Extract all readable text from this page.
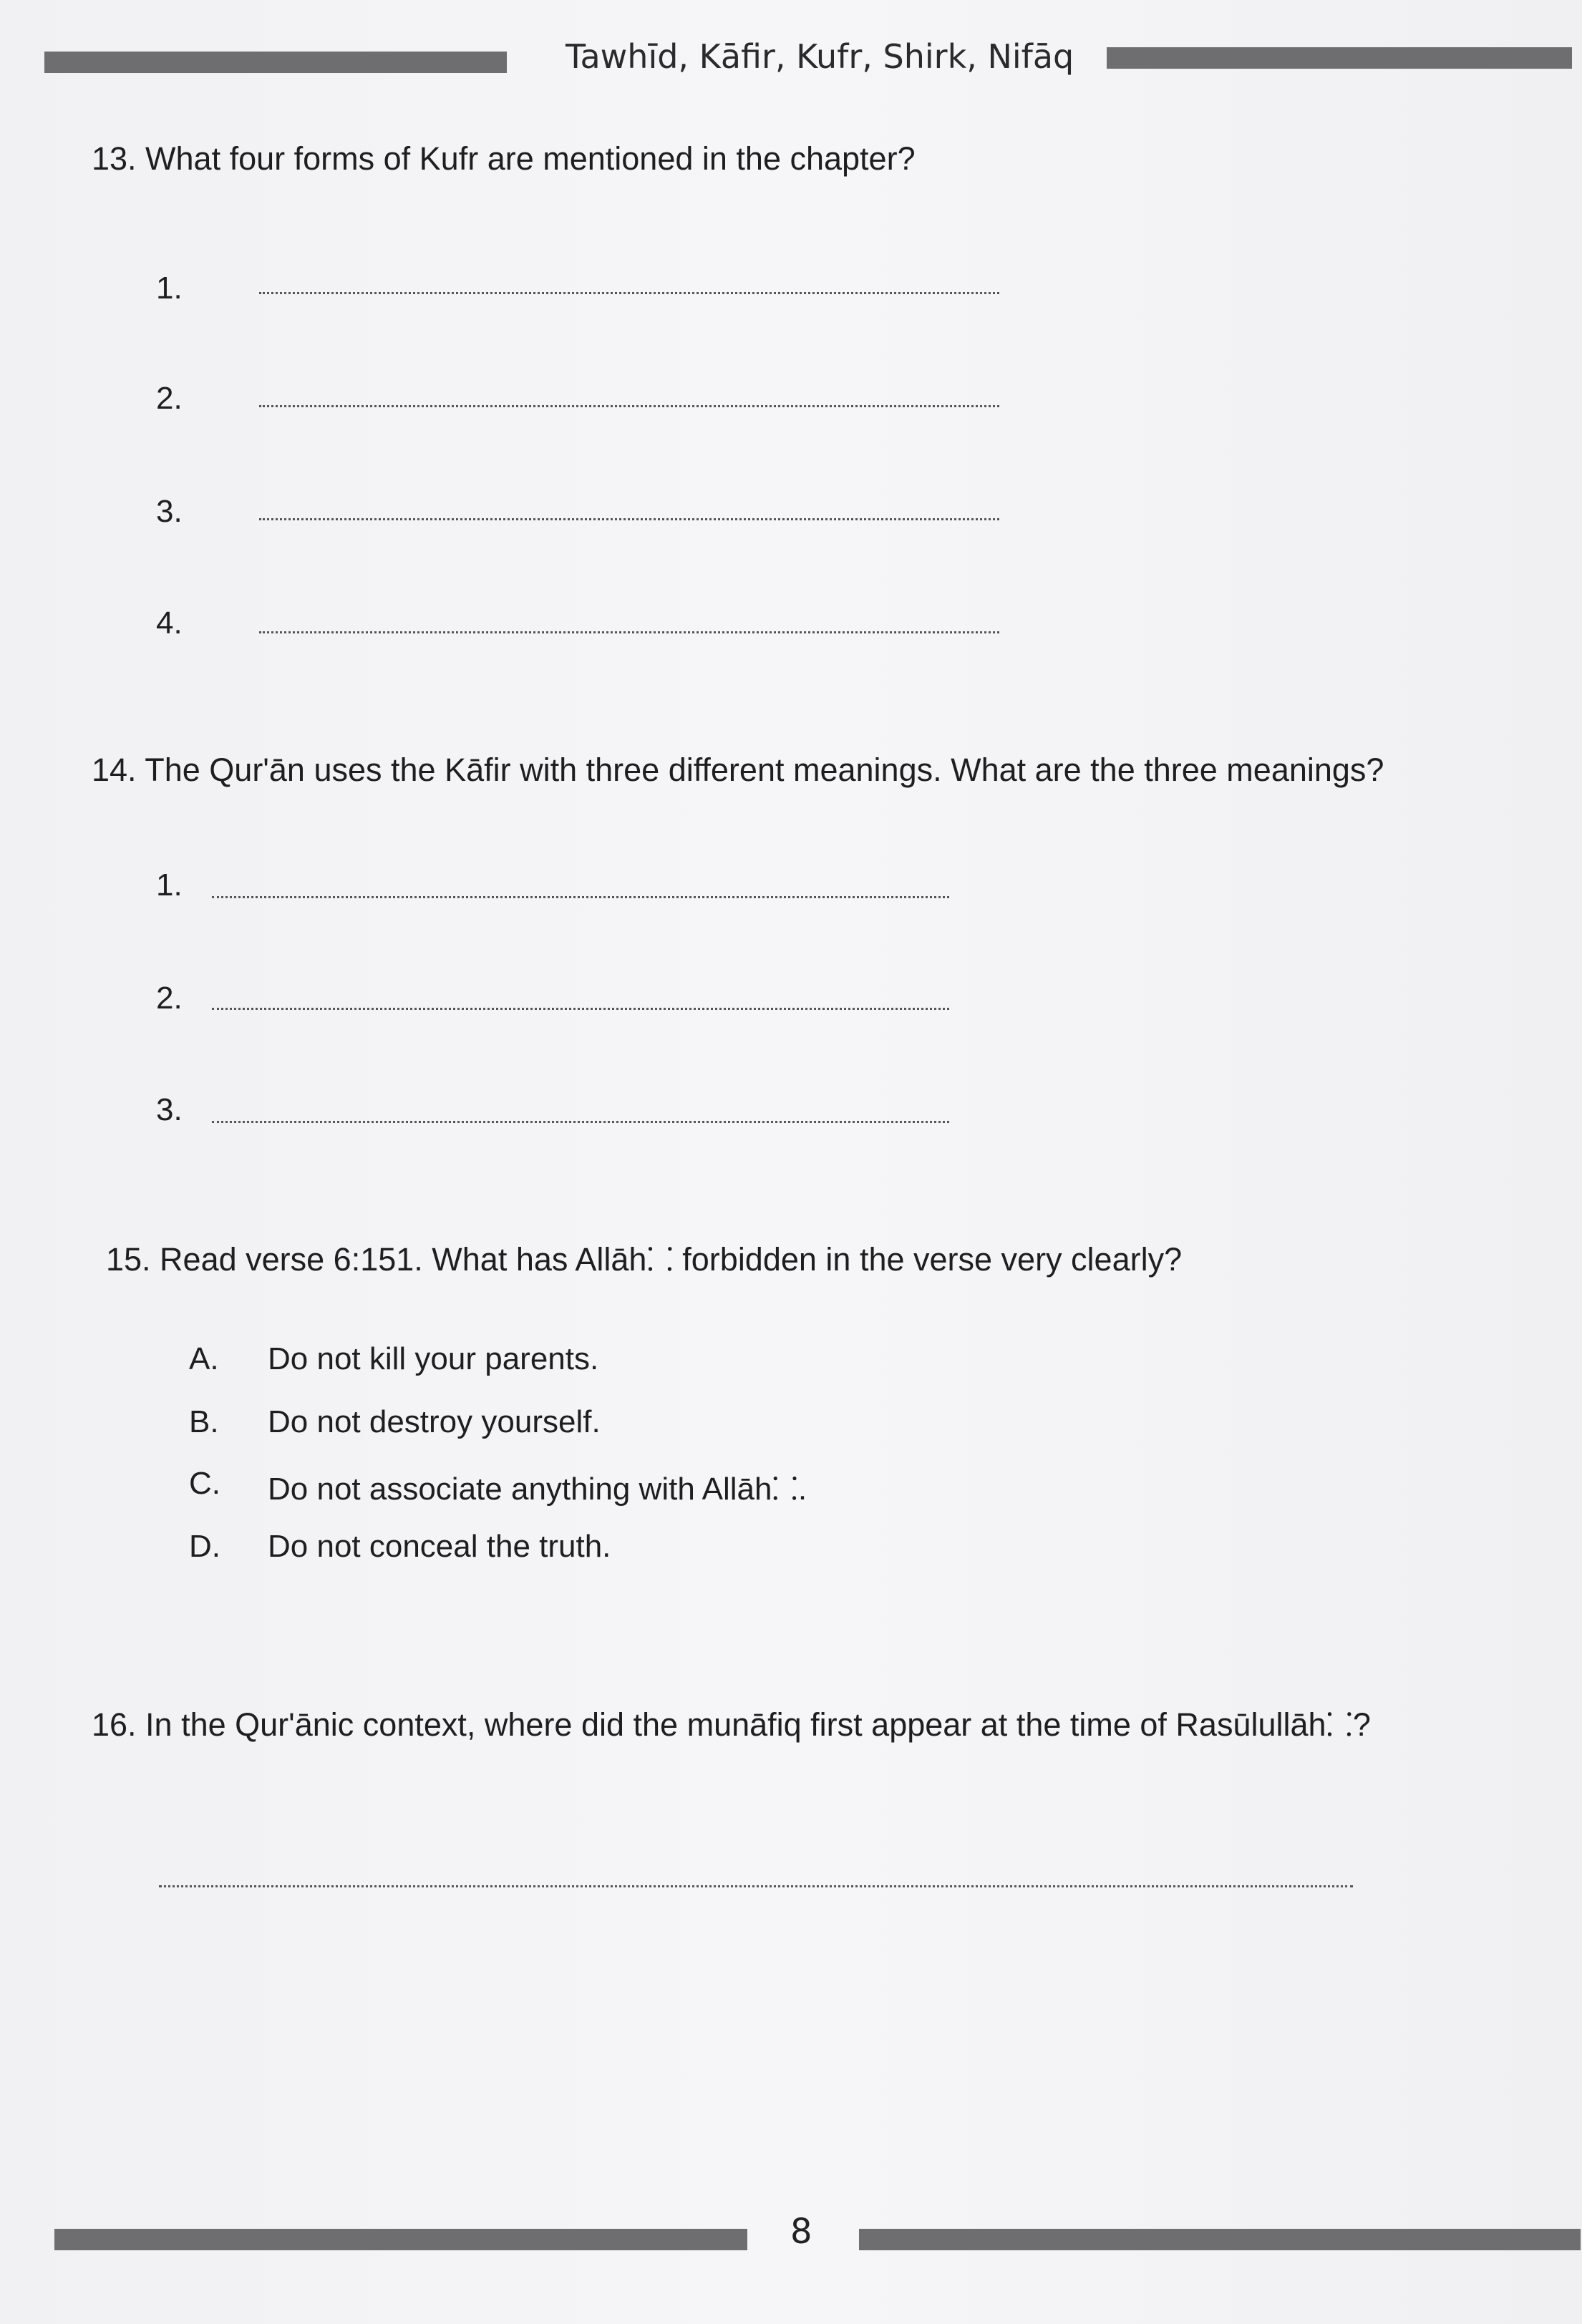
Tawhīd, Kāfir, Kufr, Shirk, Nifāq
13. What four forms of Kufr are mentioned in the chapter?
1.
2.
3.
4.
14. The Qur'ān uses the Kāfir with three different meanings. What are the three meanings?
1.
2.
3.
15. Read verse 6:151. What has Allāh⸬ forbidden in the verse very clearly?
A. Do not kill your parents.
B. Do not destroy yourself.
C. Do not associate anything with Allāh⸬.
D. Do not conceal the truth.
16. In the Qur'ānic context, where did the munāfiq first appear at the time of Rasūlullāh⸬?
8
